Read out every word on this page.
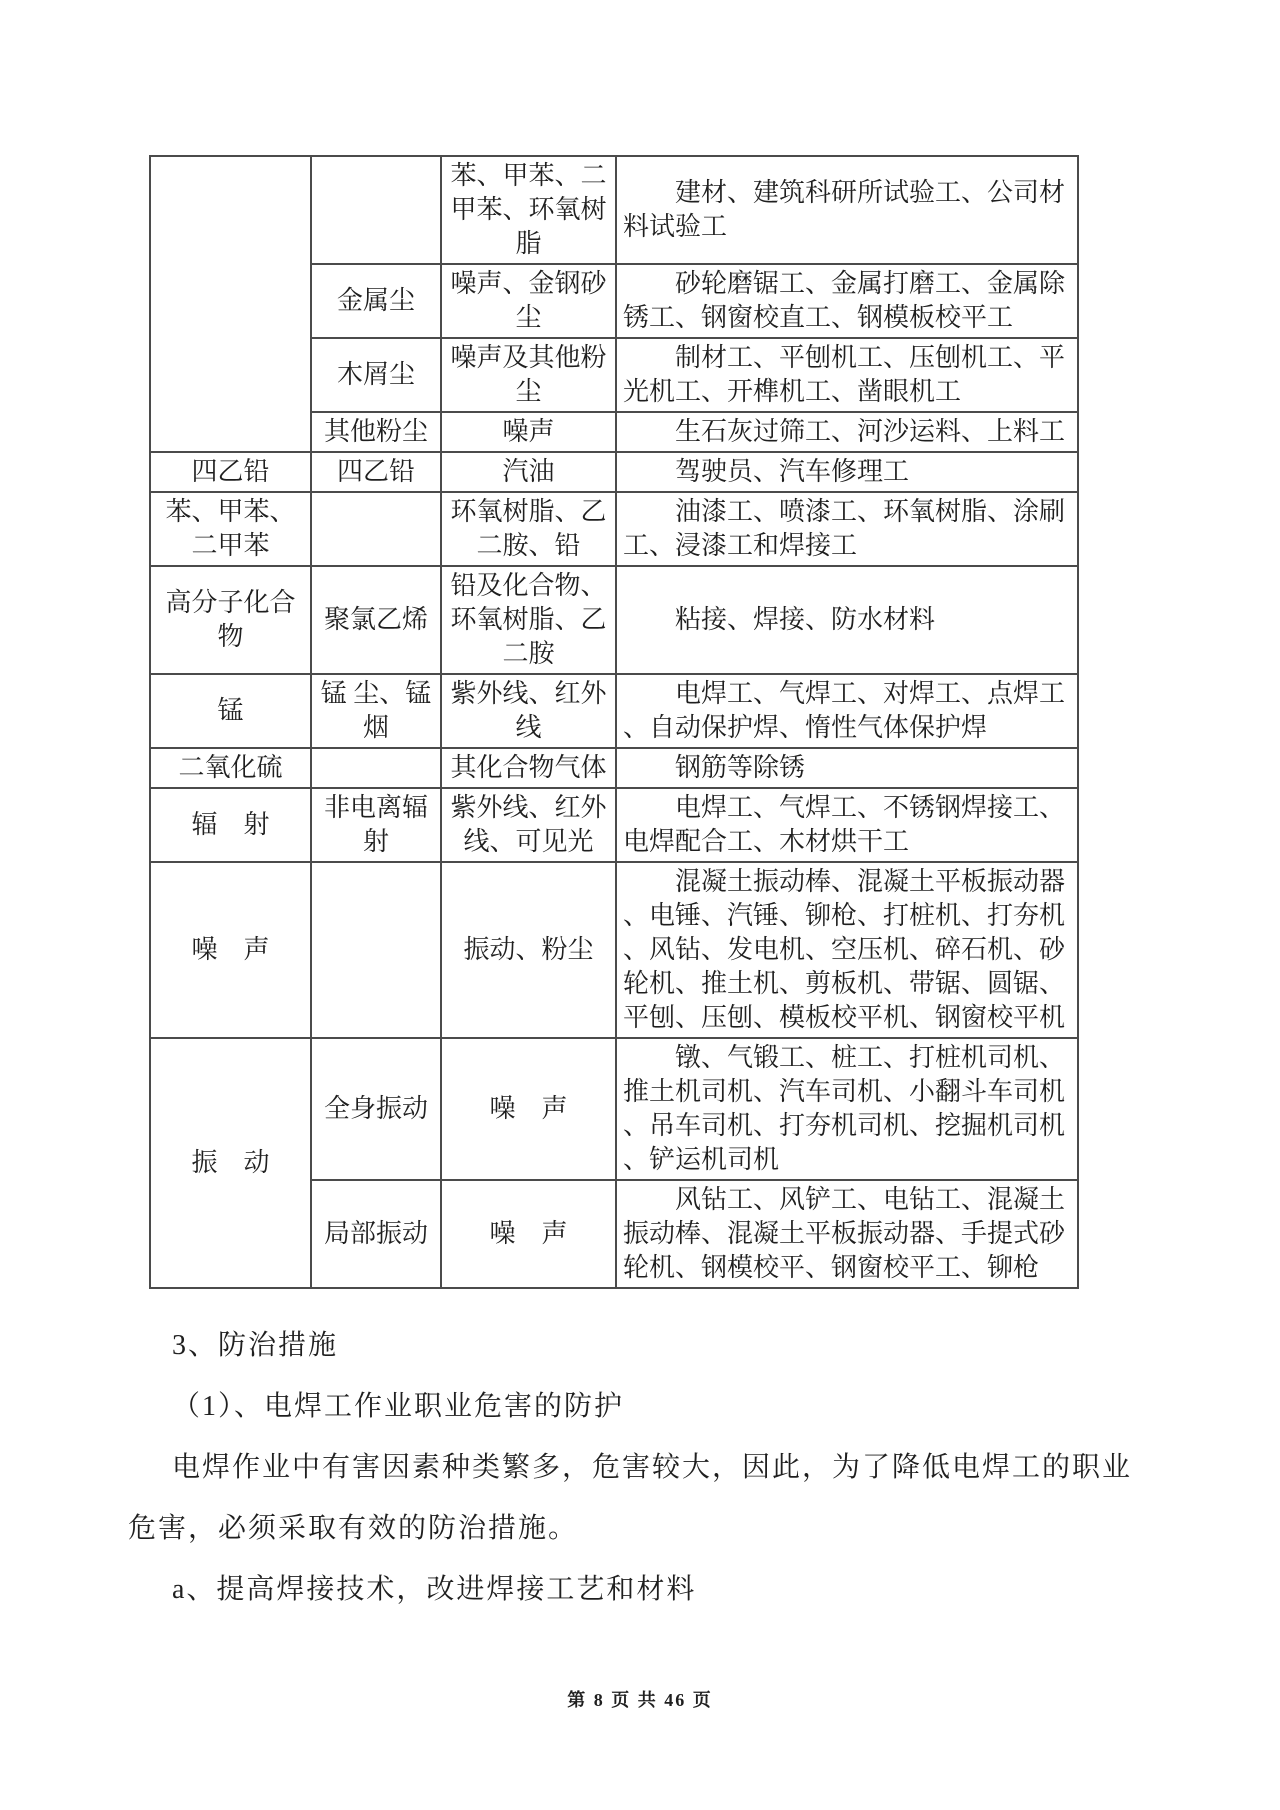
		苯、甲苯、二甲苯、环氧树脂	建材、建筑科研所试验工、公司材料试验工
	金属尘	噪声、金钢砂尘	砂轮磨锯工、金属打磨工、金属除锈工、钢窗校直工、钢模板校平工
	木屑尘	噪声及其他粉尘	制材工、平刨机工、压刨机工、平光机工、开榫机工、凿眼机工
	其他粉尘	噪声	生石灰过筛工、河沙运料、上料工
四乙铅	四乙铅	汽油	驾驶员、汽车修理工
苯、甲苯、二甲苯		环氧树脂、乙二胺、铅	油漆工、喷漆工、环氧树脂、涂刷工、浸漆工和焊接工
高分子化合物	聚氯乙烯	铅及化合物、环氧树脂、乙二胺	粘接、焊接、防水材料
锰	锰 尘、锰 烟	紫外线、红外线	电焊工、气焊工、对焊工、点焊工、自动保护焊、惰性气体保护焊
二氧化硫		其化合物气体	钢筋等除锈
辐　射	非电离辐射	紫外线、红外线、可见光	电焊工、气焊工、不锈钢焊接工、电焊配合工、木材烘干工
噪　声		振动、粉尘	混凝土振动棒、混凝土平板振动器、电锤、汽锤、铆枪、打桩机、打夯机、风钻、发电机、空压机、碎石机、砂轮机、推土机、剪板机、带锯、圆锯、平刨、压刨、模板校平机、钢窗校平机
振　动	全身振动	噪　声	镦、气锻工、桩工、打桩机司机、推土机司机、汽车司机、小翻斗车司机、吊车司机、打夯机司机、挖掘机司机、铲运机司机
	局部振动	噪　声	风钻工、风铲工、电钻工、混凝土振动棒、混凝土平板振动器、手提式砂轮机、钢模校平、钢窗校平工、铆枪

3、防治措施

（1）、电焊工作业职业危害的防护

电焊作业中有害因素种类繁多，危害较大，因此，为了降低电焊工的职业危害，必须采取有效的防治措施。

a、提高焊接技术，改进焊接工艺和材料

第 8 页 共 46 页
